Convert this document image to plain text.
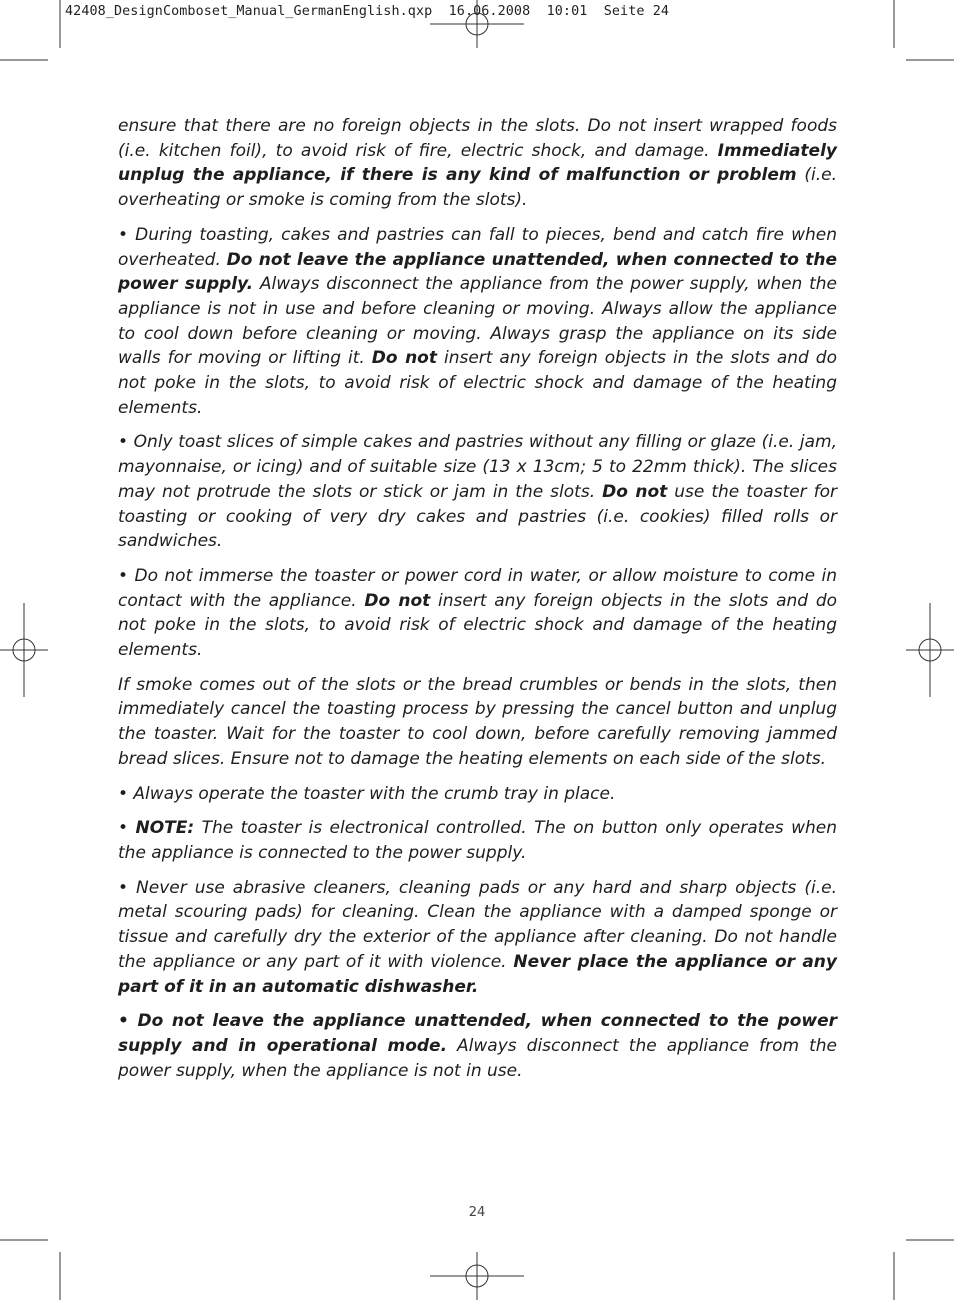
42408_DesignComboset_Manual_GermanEnglish.qxp 16.06.2008 10:01 Seite 24

ensure that there are no foreign objects in the slots. Do not insert wrapped foods (i.e. kitchen foil), to avoid risk of fire, electric shock, and damage. Immediately unplug the appliance, if there is any kind of malfunction or problem (i.e. overheating or smoke is coming from the slots).

• During toasting, cakes and pastries can fall to pieces, bend and catch fire when overheated. Do not leave the appliance unattended, when connected to the power supply. Always disconnect the appliance from the power supply, when the appliance is not in use and before cleaning or moving. Always allow the appliance to cool down before cleaning or moving. Always grasp the appliance on its side walls for moving or lifting it. Do not insert any foreign objects in the slots and do not poke in the slots, to avoid risk of electric shock and damage of the heating elements.

• Only toast slices of simple cakes and pastries without any filling or glaze (i.e. jam, mayonnaise, or icing) and of suitable size (13 x 13cm; 5 to 22mm thick). The slices may not protrude the slots or stick or jam in the slots. Do not use the toaster for toasting or cooking of very dry cakes and pastries (i.e. cookies) filled rolls or sandwiches.

• Do not immerse the toaster or power cord in water, or allow moisture to come in contact with the appliance. Do not insert any foreign objects in the slots and do not poke in the slots, to avoid risk of electric shock and damage of the heating elements.

If smoke comes out of the slots or the bread crumbles or bends in the slots, then immediately cancel the toasting process by pressing the cancel button and unplug the toaster. Wait for the toaster to cool down, before carefully removing jammed bread slices. Ensure not to damage the heating elements on each side of the slots.

• Always operate the toaster with the crumb tray in place.

• NOTE: The toaster is electronical controlled. The on button only operates when the appliance is connected to the power supply.

• Never use abrasive cleaners, cleaning pads or any hard and sharp objects (i.e. metal scouring pads) for cleaning. Clean the appliance with a damped sponge or tissue and carefully dry the exterior of the appliance after cleaning. Do not handle the appliance or any part of it with violence. Never place the appliance or any part of it in an automatic dishwasher.

• Do not leave the appliance unattended, when connected to the power supply and in operational mode. Always disconnect the appliance from the power supply, when the appliance is not in use.

24
